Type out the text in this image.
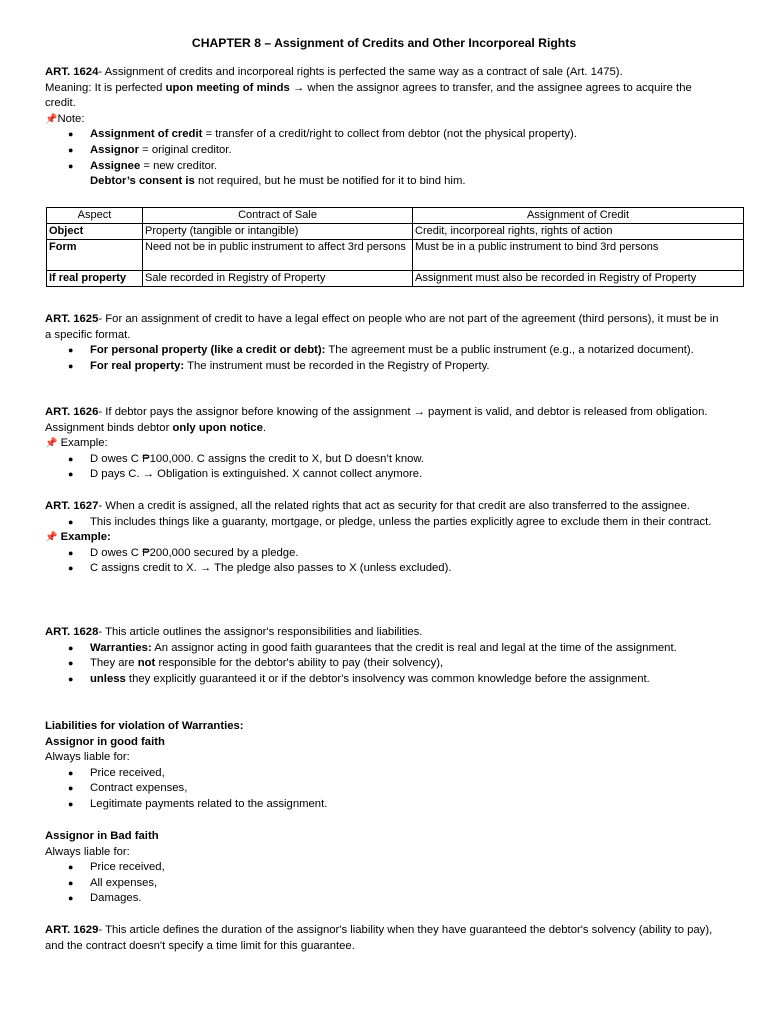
CHAPTER 8 – Assignment of Credits and Other Incorporeal Rights

ART. 1624- Assignment of credits and incorporeal rights is perfected the same way as a contract of sale (Art. 1475).

Meaning: It is perfected upon meeting of minds → when the assignor agrees to transfer, and the assignee agrees to acquire the credit.

📌Note:

● Assignment of credit = transfer of a credit/right to collect from debtor (not the physical property).
● Assignor = original creditor.
● Assignee = new creditor.
Debtor’s consent is not required, but he must be notified for it to bind him.
Aspect	Contract of Sale	Assignment of Credit
Object	Property (tangible or intangible)	Credit, incorporeal rights, rights of action
Form	Need not be in public instrument to affect 3rd persons	Must be in a public instrument to bind 3rd persons
If real property	Sale recorded in Registry of Property	Assignment must also be recorded in Registry of Property

ART. 1625- For an assignment of credit to have a legal effect on people who are not part of the agreement (third persons), it must be in a specific format.

● For personal property (like a credit or debt): The agreement must be a public instrument (e.g., a notarized document).
● For real property: The instrument must be recorded in the Registry of Property.

ART. 1626- If debtor pays the assignor before knowing of the assignment → payment is valid, and debtor is released from obligation. Assignment binds debtor only upon notice.

📌 Example:

● D owes C ₱100,000. C assigns the credit to X, but D doesn’t know.
● D pays C. → Obligation is extinguished. X cannot collect anymore.

ART. 1627- When a credit is assigned, all the related rights that act as security for that credit are also transferred to the assignee.

● This includes things like a guaranty, mortgage, or pledge, unless the parties explicitly agree to exclude them in their contract.

📌 Example:

● D owes C ₱200,000 secured by a pledge.
● C assigns credit to X. → The pledge also passes to X (unless excluded).

ART. 1628- This article outlines the assignor's responsibilities and liabilities.

● Warranties: An assignor acting in good faith guarantees that the credit is real and legal at the time of the assignment.
● They are not responsible for the debtor's ability to pay (their solvency),
● unless they explicitly guaranteed it or if the debtor's insolvency was common knowledge before the assignment.

Liabilities for violation of Warranties:

Assignor in good faith

Always liable for:

● Price received,
● Contract expenses,
● Legitimate payments related to the assignment.

Assignor in Bad faith

Always liable for:

● Price received,
● All expenses,
● Damages.

ART. 1629- This article defines the duration of the assignor's liability when they have guaranteed the debtor's solvency (ability to pay), and the contract doesn't specify a time limit for this guarantee.
